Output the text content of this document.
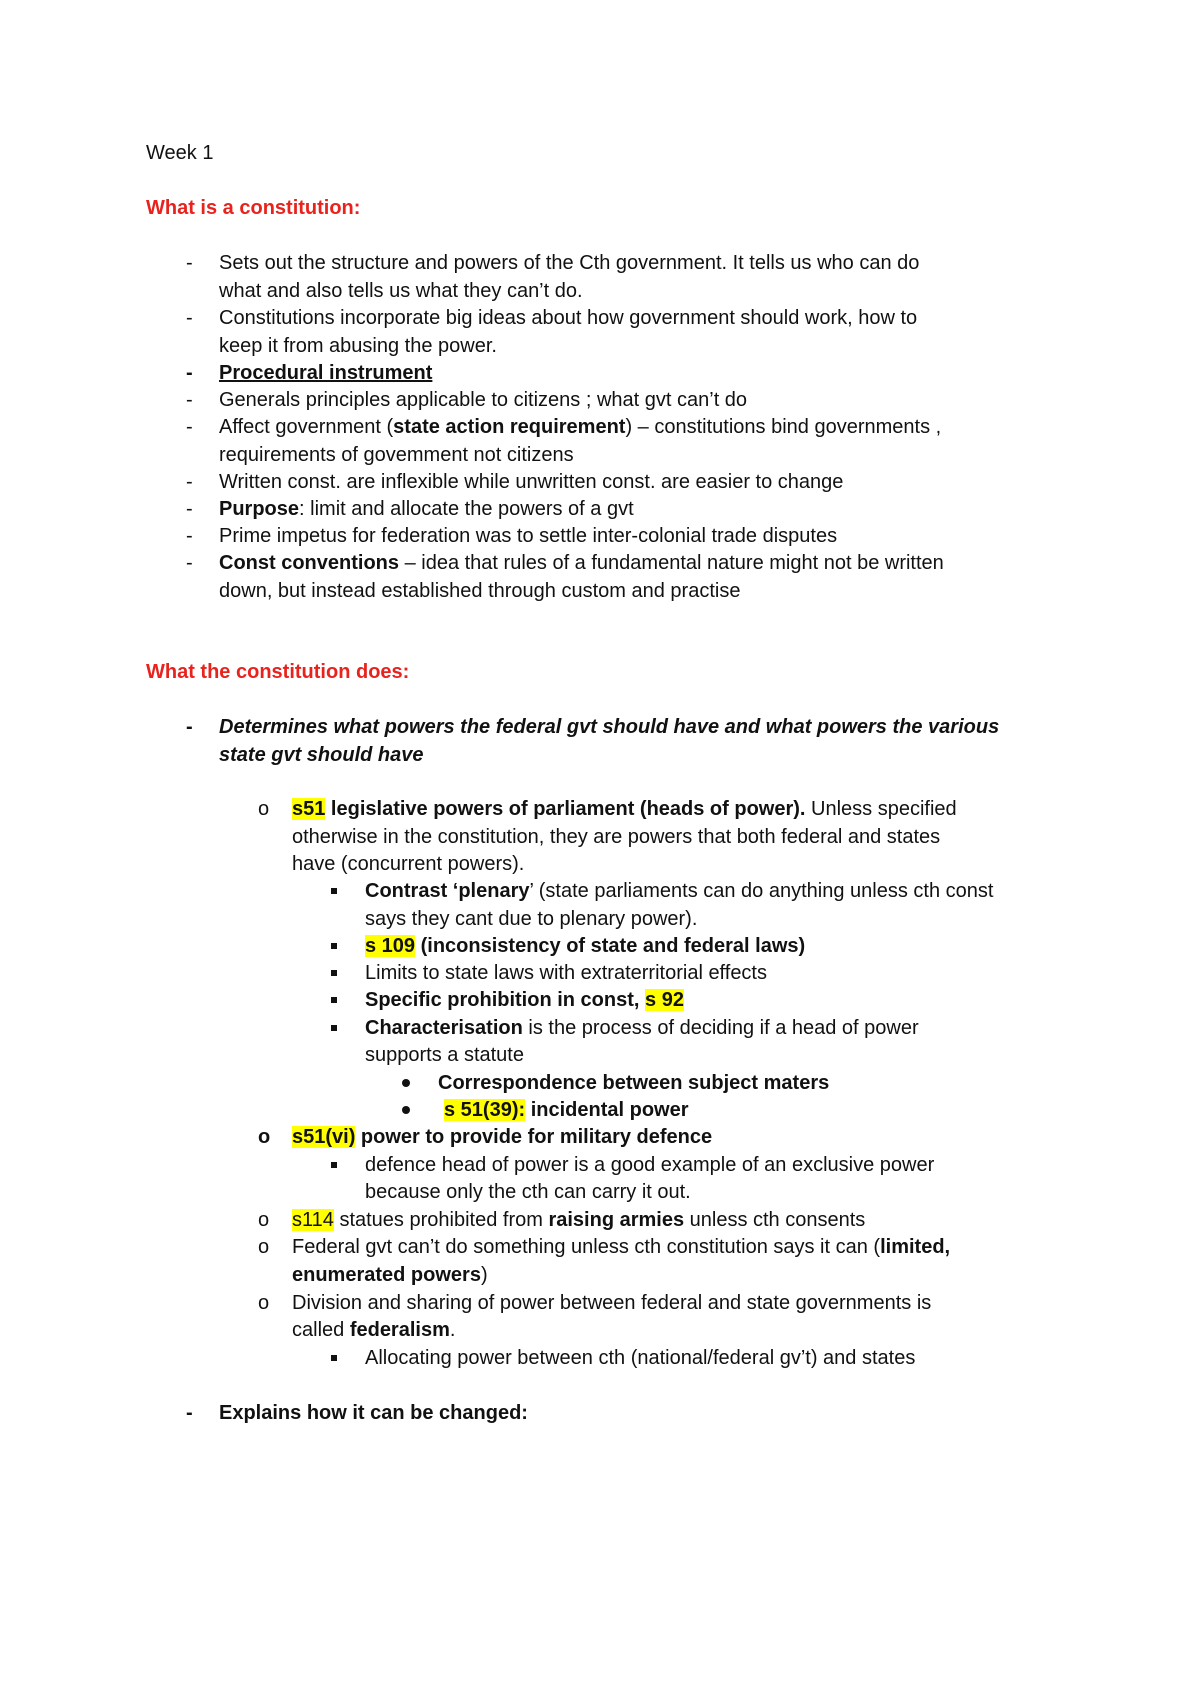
Week 1
What is a constitution:
- Sets out the structure and powers of the Cth government. It tells us who can do
what and also tells us what they can’t do.
- Constitutions incorporate big ideas about how government should work, how to
keep it from abusing the power.
- Procedural instrument
- Generals principles applicable to citizens ; what gvt can’t do
- Affect government (state action requirement) – constitutions bind governments ,
requirements of govemment not citizens
- Written const. are inflexible while unwritten const. are easier to change
- Purpose: limit and allocate the powers of a gvt
- Prime impetus for federation was to settle inter-colonial trade disputes
- Const conventions – idea that rules of a fundamental nature might not be written
down, but instead established through custom and practise
What the constitution does:
- Determines what powers the federal gvt should have and what powers the various
state gvt should have
o s51 legislative powers of parliament (heads of power). Unless specified
otherwise in the constitution, they are powers that both federal and states
have (concurrent powers).
Contrast ‘plenary’ (state parliaments can do anything unless cth const
says they cant due to plenary power).
s 109 (inconsistency of state and federal laws)
Limits to state laws with extraterritorial effects
Specific prohibition in const, s 92
Characterisation is the process of deciding if a head of power
supports a statute
Correspondence between subject maters
s 51(39): incidental power
o s51(vi) power to provide for military defence
defence head of power is a good example of an exclusive power
because only the cth can carry it out.
o s114 statues prohibited from raising armies unless cth consents
o Federal gvt can’t do something unless cth constitution says it can (limited,
enumerated powers)
o Division and sharing of power between federal and state governments is
called federalism.
Allocating power between cth (national/federal gv’t) and states
- Explains how it can be changed:
